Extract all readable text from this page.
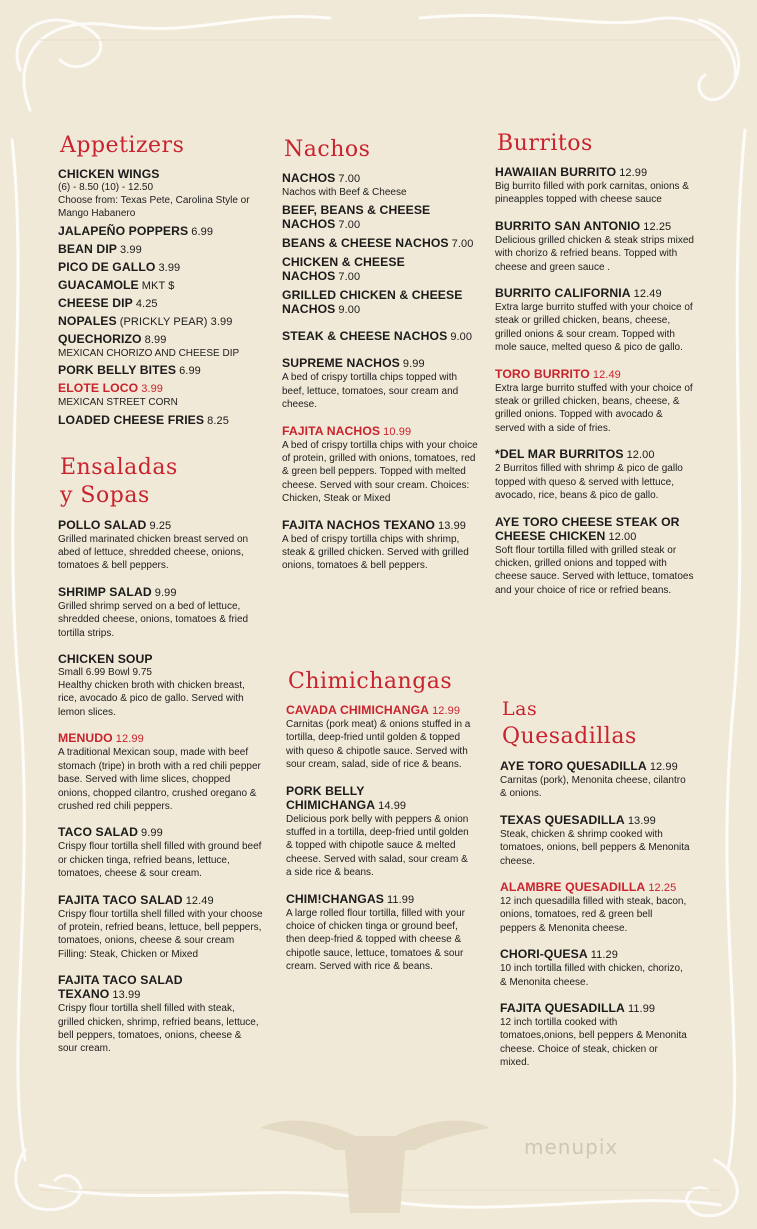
Appetizers
CHICKEN WINGS
(6) - 8.50 (10) - 12.50
Choose from: Texas Pete, Carolina Style or Mango Habanero
JALAPEÑO POPPERS 6.99
BEAN DIP 3.99
PICO DE GALLO 3.99
GUACAMOLE MKT $
CHEESE DIP 4.25
NOPALES (PRICKLY PEAR) 3.99
QUECHORIZO 8.99
MEXICAN CHORIZO AND CHEESE DIP
PORK BELLY BITES 6.99
ELOTE LOCO 3.99
MEXICAN STREET CORN
LOADED CHEESE FRIES 8.25
Ensaladas
y Sopas
POLLO SALAD 9.25
Grilled marinated chicken breast served on abed of lettuce, shredded cheese, onions, tomatoes & bell peppers.
SHRIMP SALAD 9.99
Grilled shrimp served on a bed of lettuce, shredded cheese, onions, tomatoes & fried tortilla strips.
CHICKEN SOUP
Small 6.99 Bowl 9.75
Healthy chicken broth with chicken breast, rice, avocado & pico de gallo. Served with lemon slices.
MENUDO 12.99
A traditional Mexican soup, made with beef stomach (tripe) in broth with a red chili pepper base. Served with lime slices, chopped onions, chopped cilantro, crushed oregano & crushed red chili peppers.
TACO SALAD 9.99
Crispy flour tortilla shell filled with ground beef or chicken tinga, refried beans, lettuce, tomatoes, cheese & sour cream.
FAJITA TACO SALAD 12.49
Crispy flour tortilla shell filled with your choose of protein, refried beans, lettuce, bell peppers, tomatoes, onions, cheese & sour cream Filling: Steak, Chicken or Mixed
FAJITA TACO SALAD TEXANO 13.99
Crispy flour tortilla shell filled with steak, grilled chicken, shrimp, refried beans, lettuce, bell peppers, tomatoes, onions, cheese & sour cream.
Nachos
NACHOS 7.00
Nachos with Beef & Cheese
BEEF, BEANS & CHEESE NACHOS 7.00
BEANS & CHEESE NACHOS 7.00
CHICKEN & CHEESE NACHOS 7.00
GRILLED CHICKEN & CHEESE NACHOS 9.00
STEAK & CHEESE NACHOS 9.00
SUPREME NACHOS 9.99
A bed of crispy tortilla chips topped with beef, lettuce, tomatoes, sour cream and cheese.
FAJITA NACHOS 10.99
A bed of crispy tortilla chips with your choice of protein, grilled with onions, tomatoes, red & green bell peppers. Topped with melted cheese. Served with sour cream. Choices: Chicken, Steak or Mixed
FAJITA NACHOS TEXANO 13.99
A bed of crispy tortilla chips with shrimp, steak & grilled chicken. Served with grilled onions, tomatoes & bell peppers.
Chimichangas
CAVADA CHIMICHANGA 12.99
Carnitas (pork meat) & onions stuffed in a tortilla, deep-fried until golden & topped with queso & chipotle sauce. Served with sour cream, salad, side of rice & beans.
PORK BELLY CHIMICHANGA 14.99
Delicious pork belly with peppers & onion stuffed in a tortilla, deep-fried until golden & topped with chipotle sauce & melted cheese. Served with salad, sour cream & a side rice & beans.
CHIM!CHANGAS 11.99
A large rolled flour tortilla, filled with your choice of chicken tinga or ground beef, then deep-fried & topped with cheese & chipotle sauce, lettuce, tomatoes & sour cream. Served with rice & beans.
Burritos
HAWAIIAN BURRITO 12.99
Big burrito filled with pork carnitas, onions & pineapples topped with cheese sauce
BURRITO SAN ANTONIO 12.25
Delicious grilled chicken & steak strips mixed with chorizo & refried beans. Topped with cheese and green sauce .
BURRITO CALIFORNIA 12.49
Extra large burrito stuffed with your choice of steak or grilled chicken, beans, cheese, grilled onions & sour cream. Topped with mole sauce, melted queso & pico de gallo.
TORO BURRITO 12.49
Extra large burrito stuffed with your choice of steak or grilled chicken, beans, cheese, & grilled onions. Topped with avocado & served with a side of fries.
*DEL MAR BURRITOS 12.00
2 Burritos filled with shrimp & pico de gallo topped with queso & served with lettuce, avocado, rice, beans & pico de gallo.
AYE TORO CHEESE STEAK OR CHEESE CHICKEN 12.00
Soft flour tortilla filled with grilled steak or chicken, grilled onions and topped with cheese sauce. Served with lettuce, tomatoes and your choice of rice or refried beans.
Las
Quesadillas
AYE TORO QUESADILLA 12.99
Carnitas (pork), Menonita cheese, cilantro & onions.
TEXAS QUESADILLA 13.99
Steak, chicken & shrimp cooked with tomatoes, onions, bell peppers & Menonita cheese.
ALAMBRE QUESADILLA 12.25
12 inch quesadilla filled with steak, bacon, onions, tomatoes, red & green bell peppers & Menonita cheese.
CHORI-QUESA 11.29
10 inch tortilla filled with chicken, chorizo, & Menonita cheese.
FAJITA QUESADILLA 11.99
12 inch tortilla cooked with tomatoes,onions, bell peppers & Menonita cheese. Choice of steak, chicken or mixed.
menupix
